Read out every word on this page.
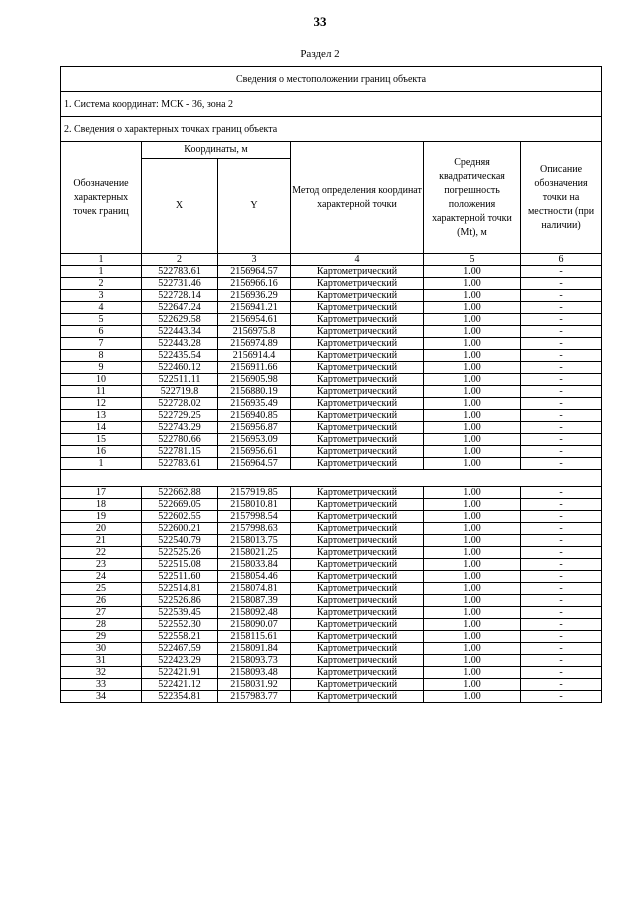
33
Раздел 2
Сведения о местоположении границ объекта					
1. Система координат: МСК - 36, зона 2					
2. Сведения о характерных точках границ объекта					
Обозначение характерных точек границ	Координаты, м		Метод определения координат характерной точки	Средняя квадратическая погрешность положения характерной точки (Mt), м	Описание обозначения точки на местности (при наличии)
	X	Y			
1	2	3	4	5	6
1	522783.61	2156964.57	Картометрический	1.00	-
2	522731.46	2156966.16	Картометрический	1.00	-
3	522728.14	2156936.29	Картометрический	1.00	-
4	522647.24	2156941.21	Картометрический	1.00	-
5	522629.58	2156954.61	Картометрический	1.00	-
6	522443.34	2156975.8	Картометрический	1.00	-
7	522443.28	2156974.89	Картометрический	1.00	-
8	522435.54	2156914.4	Картометрический	1.00	-
9	522460.12	2156911.66	Картометрический	1.00	-
10	522511.11	2156905.98	Картометрический	1.00	-
11	522719.8	2156880.19	Картометрический	1.00	-
12	522728.02	2156935.49	Картометрический	1.00	-
13	522729.25	2156940.85	Картометрический	1.00	-
14	522743.29	2156956.87	Картометрический	1.00	-
15	522780.66	2156953.09	Картометрический	1.00	-
16	522781.15	2156956.61	Картометрический	1.00	-
1	522783.61	2156964.57	Картометрический	1.00	-

17	522662.88	2157919.85	Картометрический	1.00	-
18	522669.05	2158010.81	Картометрический	1.00	-
19	522602.55	2157998.54	Картометрический	1.00	-
20	522600.21	2157998.63	Картометрический	1.00	-
21	522540.79	2158013.75	Картометрический	1.00	-
22	522525.26	2158021.25	Картометрический	1.00	-
23	522515.08	2158033.84	Картометрический	1.00	-
24	522511.60	2158054.46	Картометрический	1.00	-
25	522514.81	2158074.81	Картометрический	1.00	-
26	522526.86	2158087.39	Картометрический	1.00	-
27	522539.45	2158092.48	Картометрический	1.00	-
28	522552.30	2158090.07	Картометрический	1.00	-
29	522558.21	2158115.61	Картометрический	1.00	-
30	522467.59	2158091.84	Картометрический	1.00	-
31	522423.29	2158093.73	Картометрический	1.00	-
32	522421.91	2158093.48	Картометрический	1.00	-
33	522421.12	2158031.92	Картометрический	1.00	-
34	522354.81	2157983.77	Картометрический	1.00	-
